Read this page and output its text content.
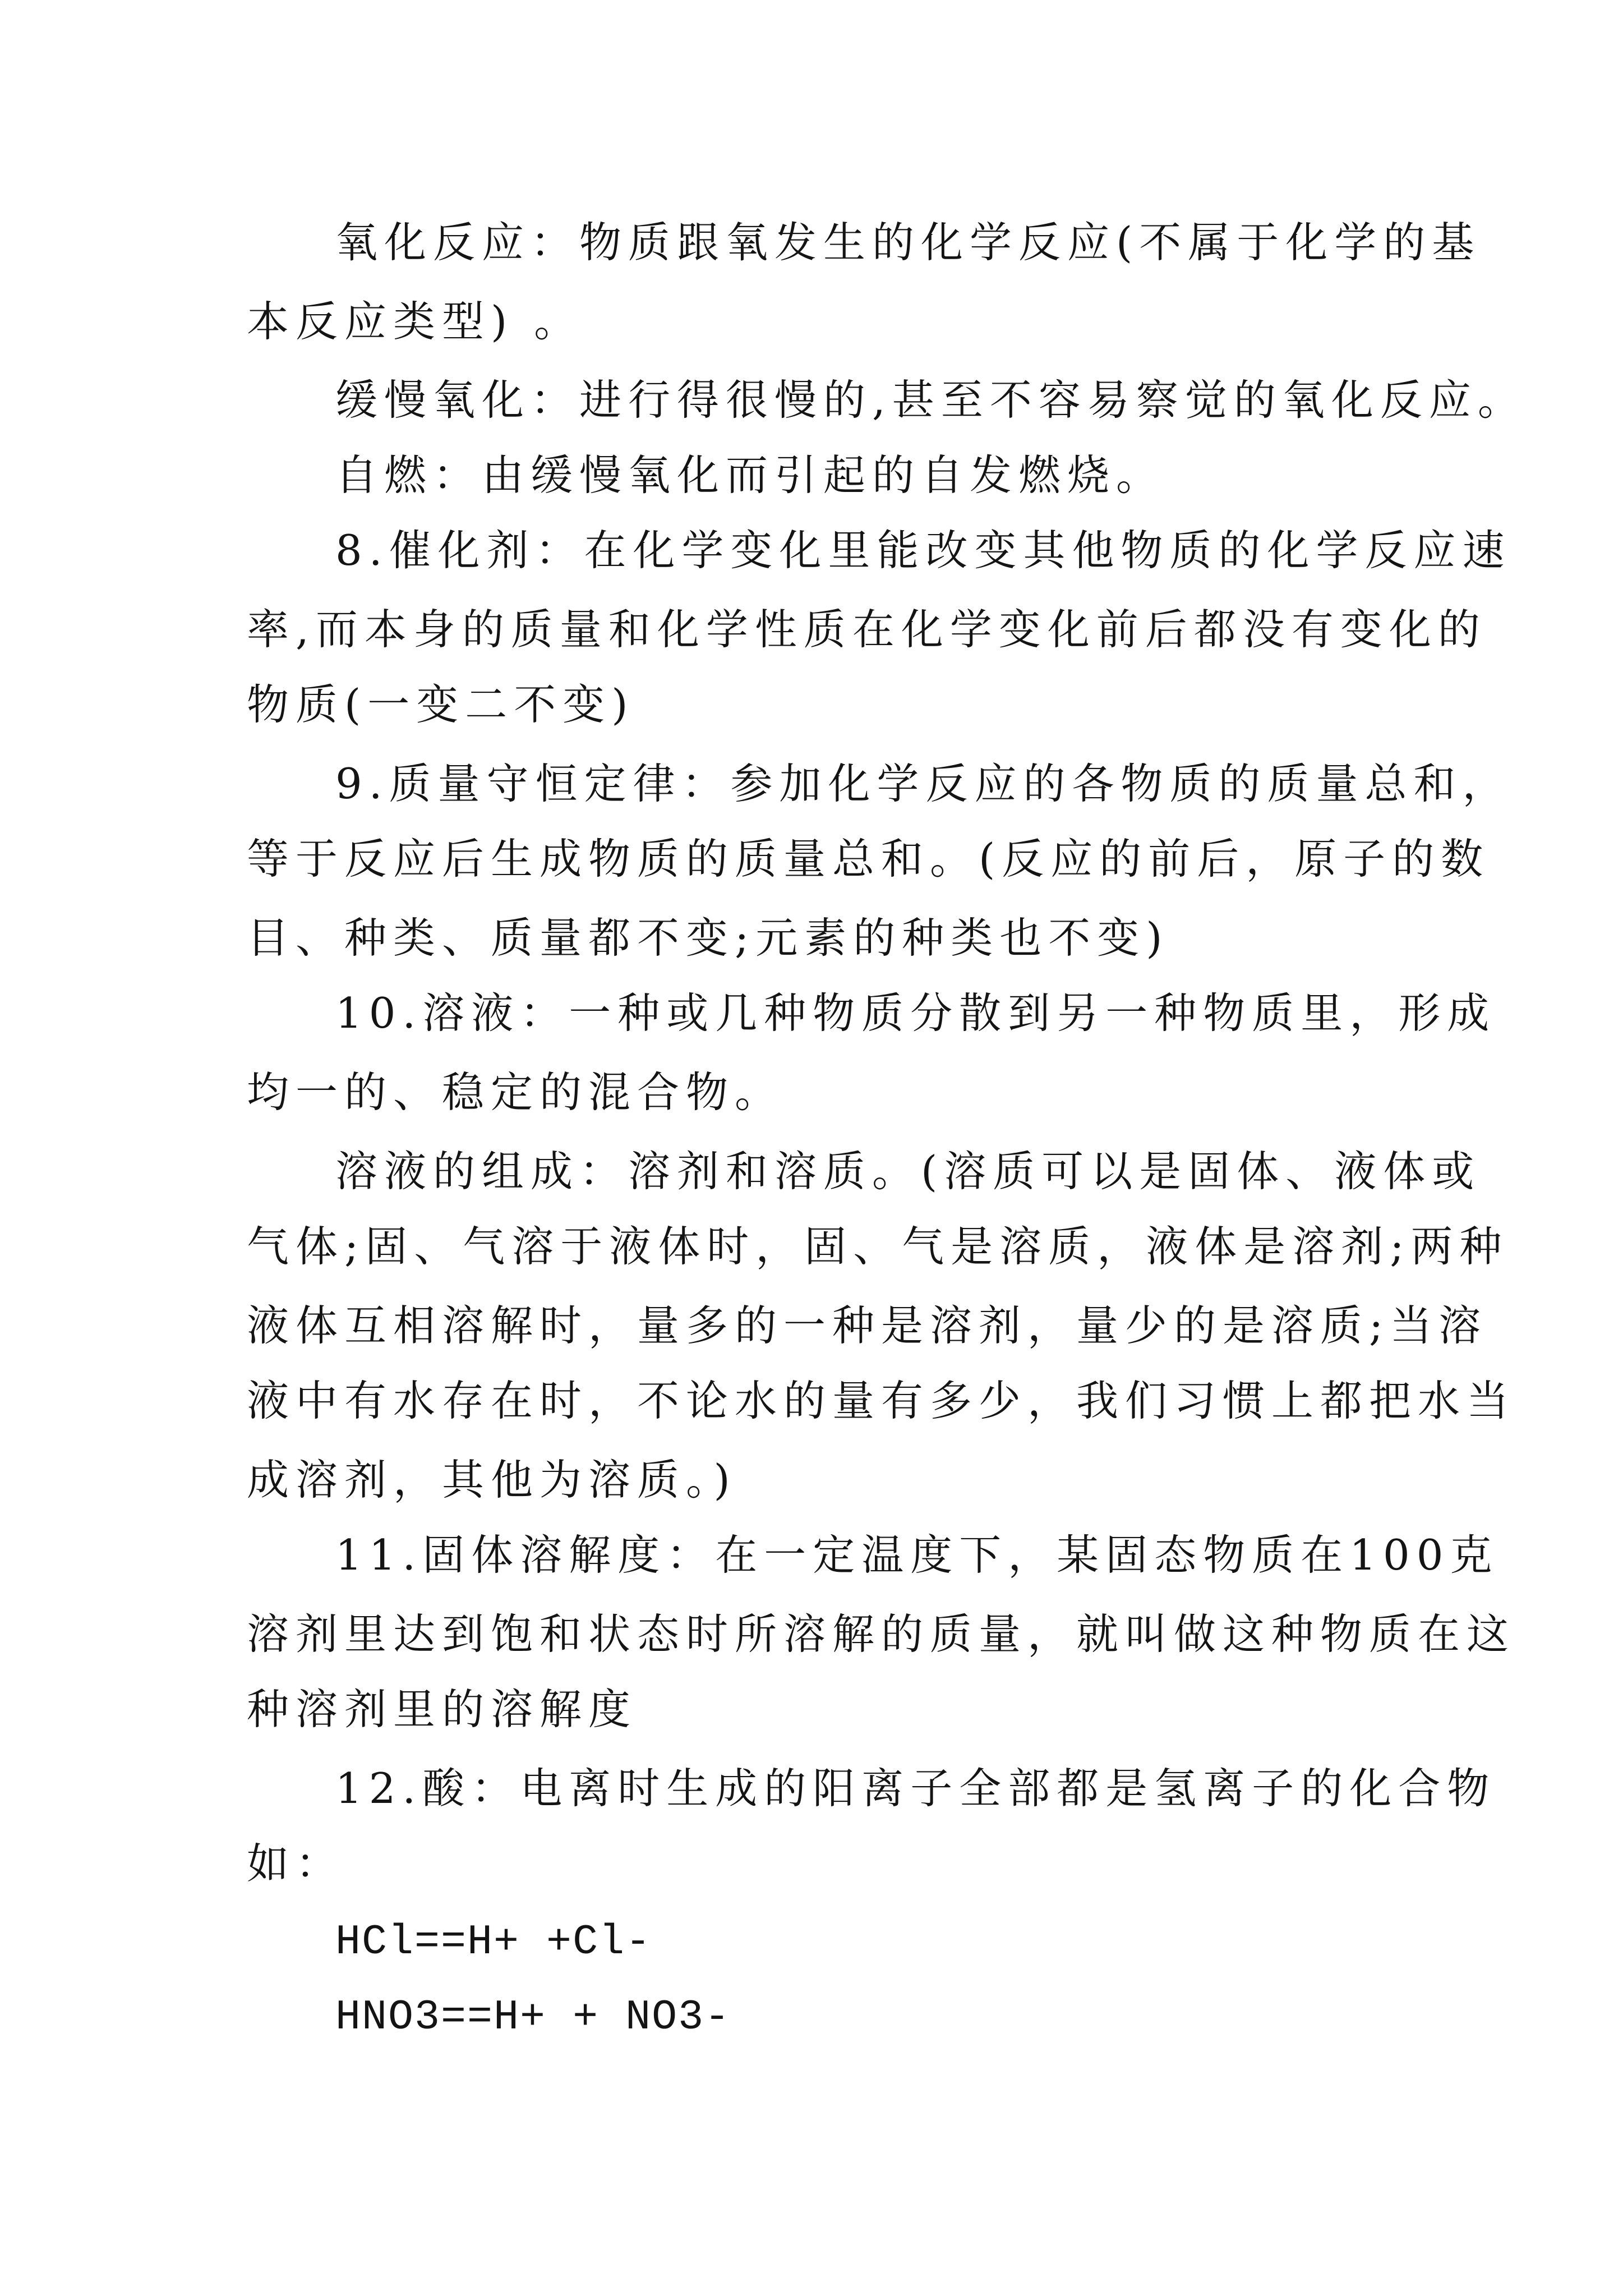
氧化反应：物质跟氧发生的化学反应(不属于化学的基

本反应类型) 。

缓慢氧化：进行得很慢的,甚至不容易察觉的氧化反应。

自燃：由缓慢氧化而引起的自发燃烧。

8.催化剂：在化学变化里能改变其他物质的化学反应速

率,而本身的质量和化学性质在化学变化前后都没有变化的

物质(一变二不变)

9.质量守恒定律：参加化学反应的各物质的质量总和，

等于反应后生成物质的质量总和。(反应的前后，原子的数

目、种类、质量都不变;元素的种类也不变)

10.溶液：一种或几种物质分散到另一种物质里，形成

均一的、稳定的混合物。

溶液的组成：溶剂和溶质。(溶质可以是固体、液体或

气体;固、气溶于液体时，固、气是溶质，液体是溶剂;两种

液体互相溶解时，量多的一种是溶剂，量少的是溶质;当溶

液中有水存在时，不论水的量有多少，我们习惯上都把水当

成溶剂，其他为溶质。)

11.固体溶解度：在一定温度下，某固态物质在100克

溶剂里达到饱和状态时所溶解的质量，就叫做这种物质在这

种溶剂里的溶解度

12.酸：电离时生成的阳离子全部都是氢离子的化合物

如：

HCl==H+ +Cl-

HNO3==H+ + NO3-
